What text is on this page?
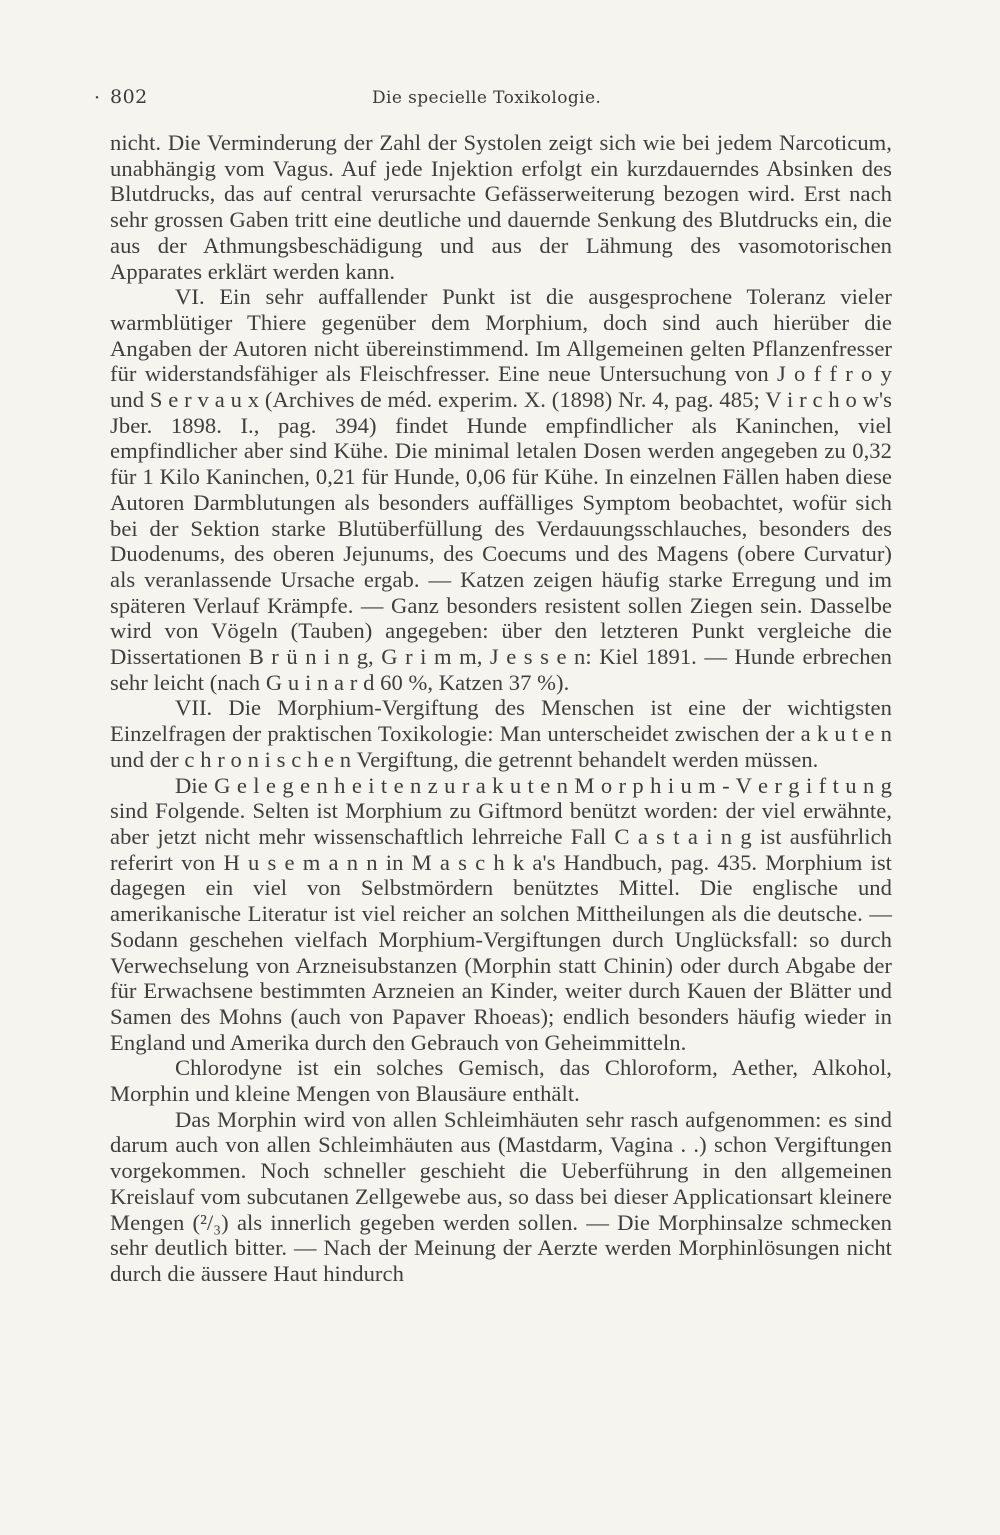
· 802	Die specielle Toxikologie.

nicht. Die Verminderung der Zahl der Systolen zeigt sich wie bei jedem Narcoticum, unabhängig vom Vagus. Auf jede Injektion erfolgt ein kurzdauerndes Absinken des Blutdrucks, das auf central verursachte Gefässerweiterung bezogen wird. Erst nach sehr grossen Gaben tritt eine deutliche und dauernde Senkung des Blutdrucks ein, die aus der Athmungsbeschädigung und aus der Lähmung des vasomotorischen Apparates erklärt werden kann.

VI. Ein sehr auffallender Punkt ist die ausgesprochene Toleranz vieler warmblütiger Thiere gegenüber dem Morphium, doch sind auch hierüber die Angaben der Autoren nicht übereinstimmend. Im Allgemeinen gelten Pflanzenfresser für widerstandsfähiger als Fleischfresser. Eine neue Untersuchung von J o f f r o y und S e r v a u x (Archives de méd. experim. X. (1898) Nr. 4, pag. 485; V i r c h o w's Jber. 1898. I., pag. 394) findet Hunde empfindlicher als Kaninchen, viel empfindlicher aber sind Kühe. Die minimal letalen Dosen werden angegeben zu 0,32 für 1 Kilo Kaninchen, 0,21 für Hunde, 0,06 für Kühe. In einzelnen Fällen haben diese Autoren Darmblutungen als besonders auffälliges Symptom beobachtet, wofür sich bei der Sektion starke Blutüberfüllung des Verdauungsschlauches, besonders des Duodenums, des oberen Jejunums, des Coecums und des Magens (obere Curvatur) als veranlassende Ursache ergab. — Katzen zeigen häufig starke Erregung und im späteren Verlauf Krämpfe. — Ganz besonders resistent sollen Ziegen sein. Dasselbe wird von Vögeln (Tauben) angegeben: über den letzteren Punkt vergleiche die Dissertationen B r ü n i n g, G r i m m, J e s s e n: Kiel 1891. — Hunde erbrechen sehr leicht (nach G u i n a r d 60 %, Katzen 37 %).

VII. Die Morphium-Vergiftung des Menschen ist eine der wichtigsten Einzelfragen der praktischen Toxikologie: Man unterscheidet zwischen der a k u t e n und der c h r o n i s c h e n Vergiftung, die getrennt behandelt werden müssen.

Die G e l e g e n h e i t e n z u r a k u t e n M o r p h i u m - V e r g i f t u n g sind Folgende. Selten ist Morphium zu Giftmord benützt worden: der viel erwähnte, aber jetzt nicht mehr wissenschaftlich lehrreiche Fall C a s t a i n g ist ausführlich referirt von H u s e m a n n in M a s c h k a's Handbuch, pag. 435. Morphium ist dagegen ein viel von Selbstmördern benütztes Mittel. Die englische und amerikanische Literatur ist viel reicher an solchen Mittheilungen als die deutsche. — Sodann geschehen vielfach Morphium-Vergiftungen durch Unglücksfall: so durch Verwechselung von Arzneisubstanzen (Morphin statt Chinin) oder durch Abgabe der für Erwachsene bestimmten Arzneien an Kinder, weiter durch Kauen der Blätter und Samen des Mohns (auch von Papaver Rhoeas); endlich besonders häufig wieder in England und Amerika durch den Gebrauch von Geheimmitteln.

Chlorodyne ist ein solches Gemisch, das Chloroform, Aether, Alkohol, Morphin und kleine Mengen von Blausäure enthält.

Das Morphin wird von allen Schleimhäuten sehr rasch aufgenommen: es sind darum auch von allen Schleimhäuten aus (Mastdarm, Vagina . .) schon Vergiftungen vorgekommen. Noch schneller geschieht die Ueberführung in den allgemeinen Kreislauf vom subcutanen Zellgewebe aus, so dass bei dieser Applicationsart kleinere Mengen (²/₃) als innerlich gegeben werden sollen. — Die Morphinsalze schmecken sehr deutlich bitter. — Nach der Meinung der Aerzte werden Morphinlösungen nicht durch die äussere Haut hindurch
